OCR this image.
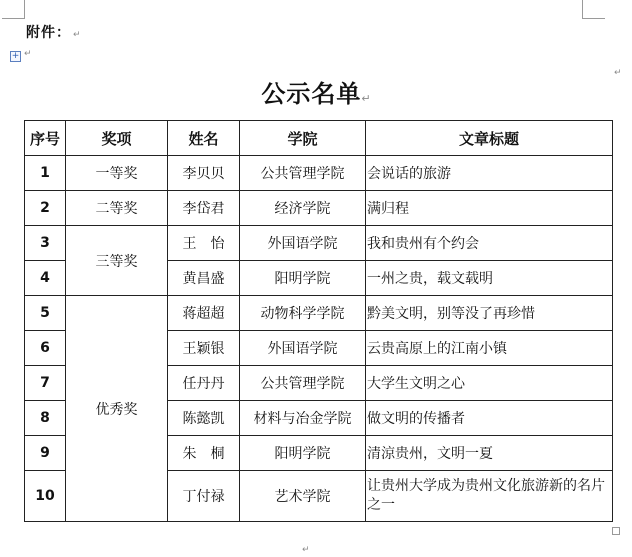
附件： ↵
+ ↵
公示名单↵
↵
序号	奖项	姓名	学院	文章标题
1	一等奖	李贝贝	公共管理学院	会说话的旅游
2	二等奖	李岱君	经济学院	满归程
3	三等奖	王　怡	外国语学院	我和贵州有个约会
4		黄昌盛	阳明学院	一州之贵，载文载明
5	优秀奖	蒋超超	动物科学学院	黔美文明，别等没了再珍惜
6		王颖银	外国语学院	云贵高原上的江南小镇
7		任丹丹	公共管理学院	大学生文明之心
8		陈懿凯	材料与冶金学院	做文明的传播者
9		朱　桐	阳明学院	清涼贵州，文明一夏
10		丁付禄	艺术学院	让贵州大学成为贵州文化旅游新的名片之一
↵
